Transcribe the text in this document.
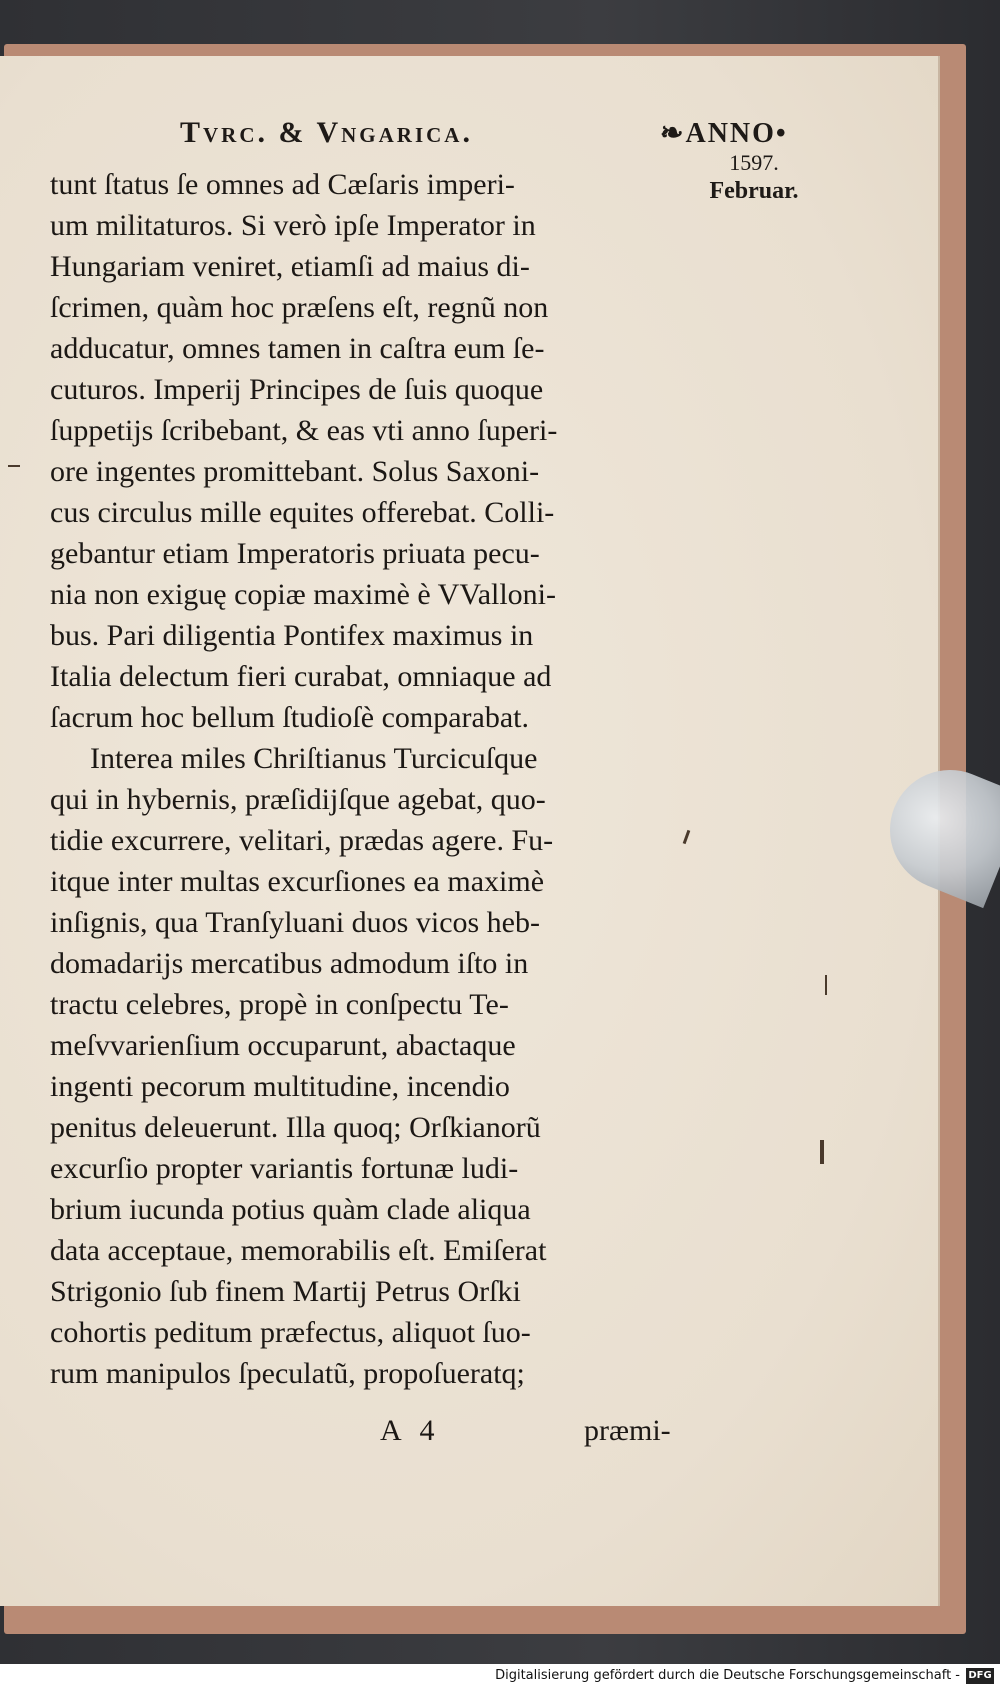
Tvrc. & Vngarica.	❧ANNO•
1597.
Februar.
tunt ſtatus ſe omnes ad Cæſaris imperi-
um militaturos. Si verò ipſe Imperator in
Hungariam veniret, etiamſi ad maius di-
ſcrimen, quàm hoc præſens eſt, regnũ non
adducatur, omnes tamen in caſtra eum ſe-
cuturos. Imperij Principes de ſuis quoque
ſuppetijs ſcribebant, & eas vti anno ſuperi-
ore ingentes promittebant. Solus Saxoni-
cus circulus mille equites offerebat. Colli-
gebantur etiam Imperatoris priuata pecu-
nia non exiguę copiæ maximè è VValloni-
bus. Pari diligentia Pontifex maximus in
Italia delectum fieri curabat, omniaque ad
ſacrum hoc bellum ſtudioſè comparabat.
Interea miles Chriſtianus Turcicuſque
qui in hybernis, præſidijſque agebat, quo-
tidie excurrere, velitari, prædas agere. Fu-
itque inter multas excurſiones ea maximè
inſignis, qua Tranſyluani duos vicos heb-
domadarijs mercatibus admodum iſto in
tractu celebres, propè in conſpectu Te-
meſvvarienſium occuparunt, abactaque
ingenti pecorum multitudine, incendio
penitus deleuerunt. Illa quoq; Orſkianorũ
excurſio propter variantis fortunæ ludi-
brium iucunda potius quàm clade aliqua
data acceptaue, memorabilis eſt. Emiſerat
Strigonio ſub finem Martij Petrus Orſki
cohortis peditum præfectus, aliquot ſuo-
rum manipulos ſpeculatũ, propoſueratq;
A 4	præmi-
Digitalisierung gefördert durch die Deutsche Forschungsgemeinschaft - DFG
